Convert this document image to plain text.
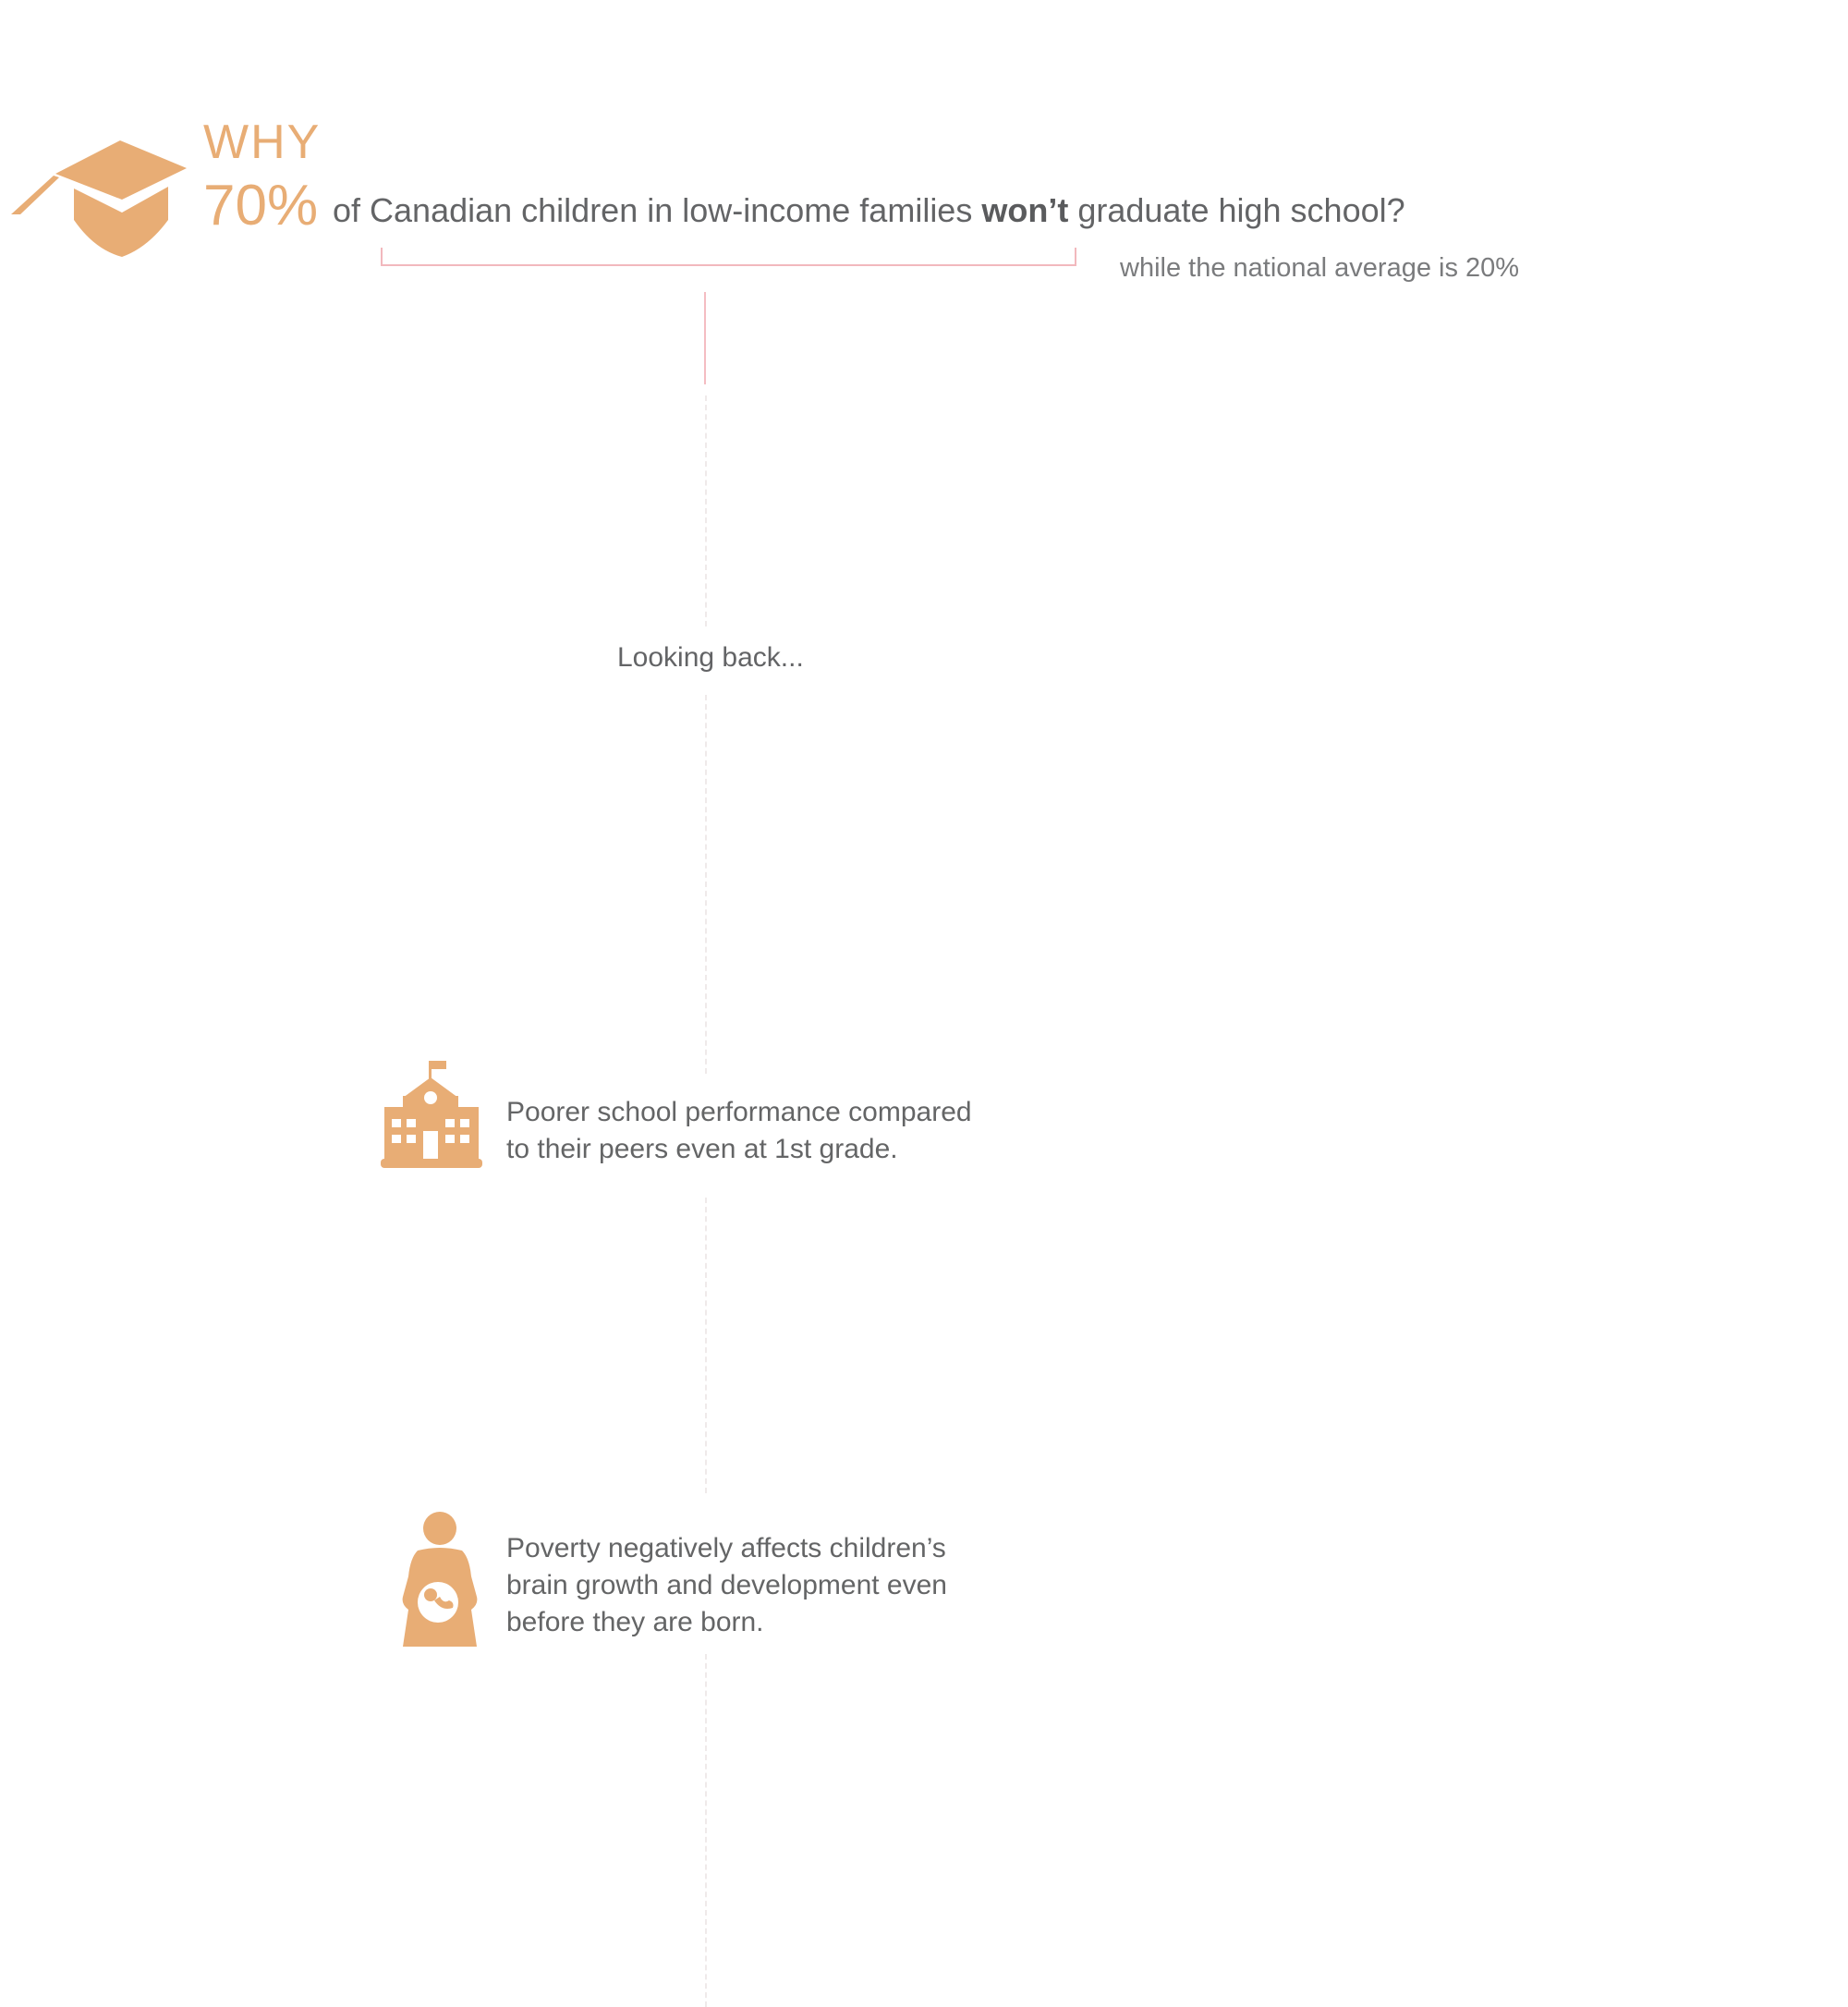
WHY
70% of Canadian children in low-income families won’t graduate high school?
while the national average is 20%
Looking back...
Poorer school performance compared
to their peers even at 1st grade.
Poverty negatively affects children’s
brain growth and development even
before they are born.
